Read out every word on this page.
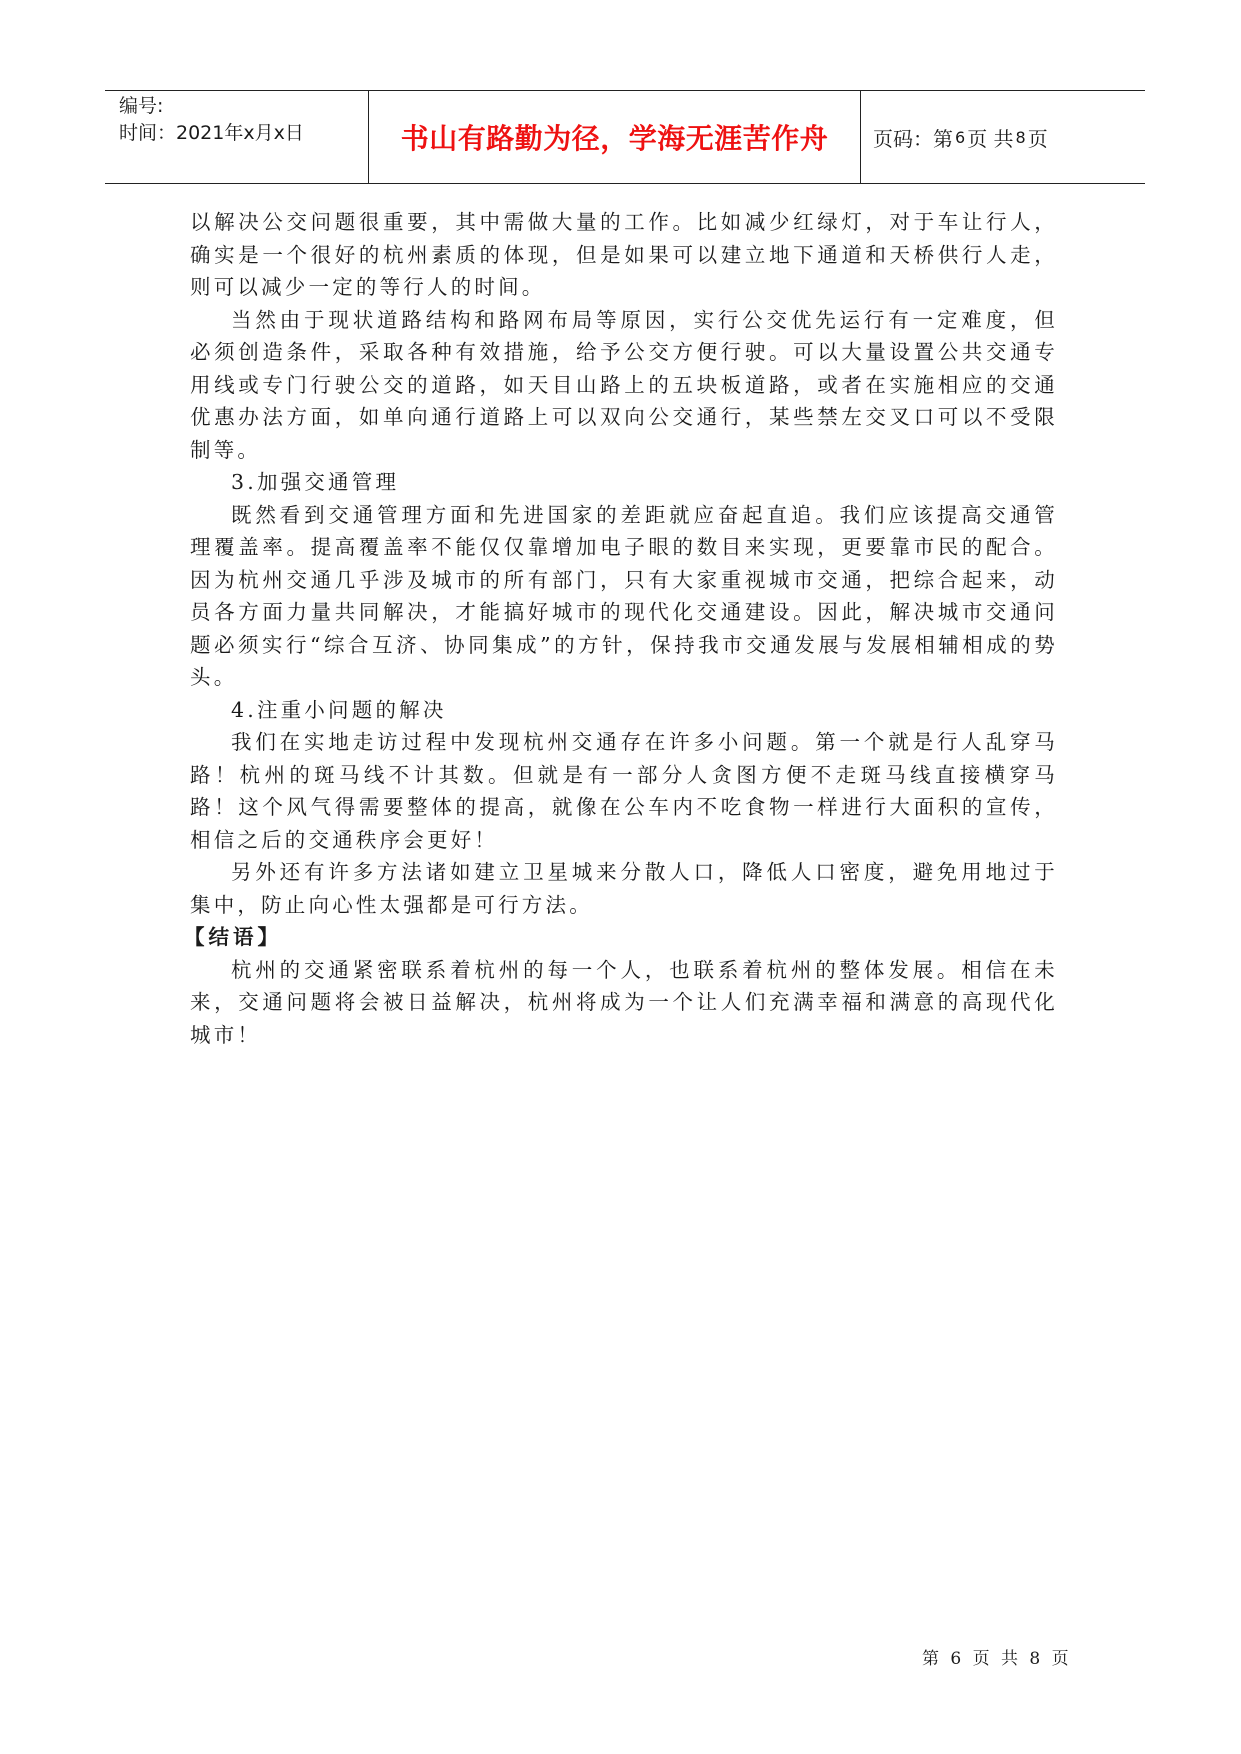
编号:
时间：2021年x月x日	书山有路勤为径，学海无涯苦作舟	页码：第 6 页 共 8 页

以解决公交问题很重要，其中需做大量的工作。比如减少红绿灯，对于车让行人，确实是一个很好的杭州素质的体现，但是如果可以建立地下通道和天桥供行人走，则可以减少一定的等行人的时间。

当然由于现状道路结构和路网布局等原因，实行公交优先运行有一定难度，但必须创造条件，采取各种有效措施，给予公交方便行驶。可以大量设置公共交通专用线或专门行驶公交的道路，如天目山路上的五块板道路，或者在实施相应的交通优惠办法方面，如单向通行道路上可以双向公交通行，某些禁左交叉口可以不受限制等。

3.加强交通管理

既然看到交通管理方面和先进国家的差距就应奋起直追。我们应该提高交通管理覆盖率。提高覆盖率不能仅仅靠增加电子眼的数目来实现，更要靠市民的配合。因为杭州交通几乎涉及城市的所有部门，只有大家重视城市交通，把综合起来，动员各方面力量共同解决，才能搞好城市的现代化交通建设。因此，解决城市交通问题必须实行“综合互济、协同集成”的方针，保持我市交通发展与发展相辅相成的势头。

4.注重小问题的解决

我们在实地走访过程中发现杭州交通存在许多小问题。第一个就是行人乱穿马路！杭州的斑马线不计其数。但就是有一部分人贪图方便不走斑马线直接横穿马路！这个风气得需要整体的提高，就像在公车内不吃食物一样进行大面积的宣传，相信之后的交通秩序会更好！

另外还有许多方法诸如建立卫星城来分散人口，降低人口密度，避免用地过于集中，防止向心性太强都是可行方法。

【结语】

杭州的交通紧密联系着杭州的每一个人，也联系着杭州的整体发展。相信在未来，交通问题将会被日益解决，杭州将成为一个让人们充满幸福和满意的高现代化城市！

第 6 页 共 8 页
